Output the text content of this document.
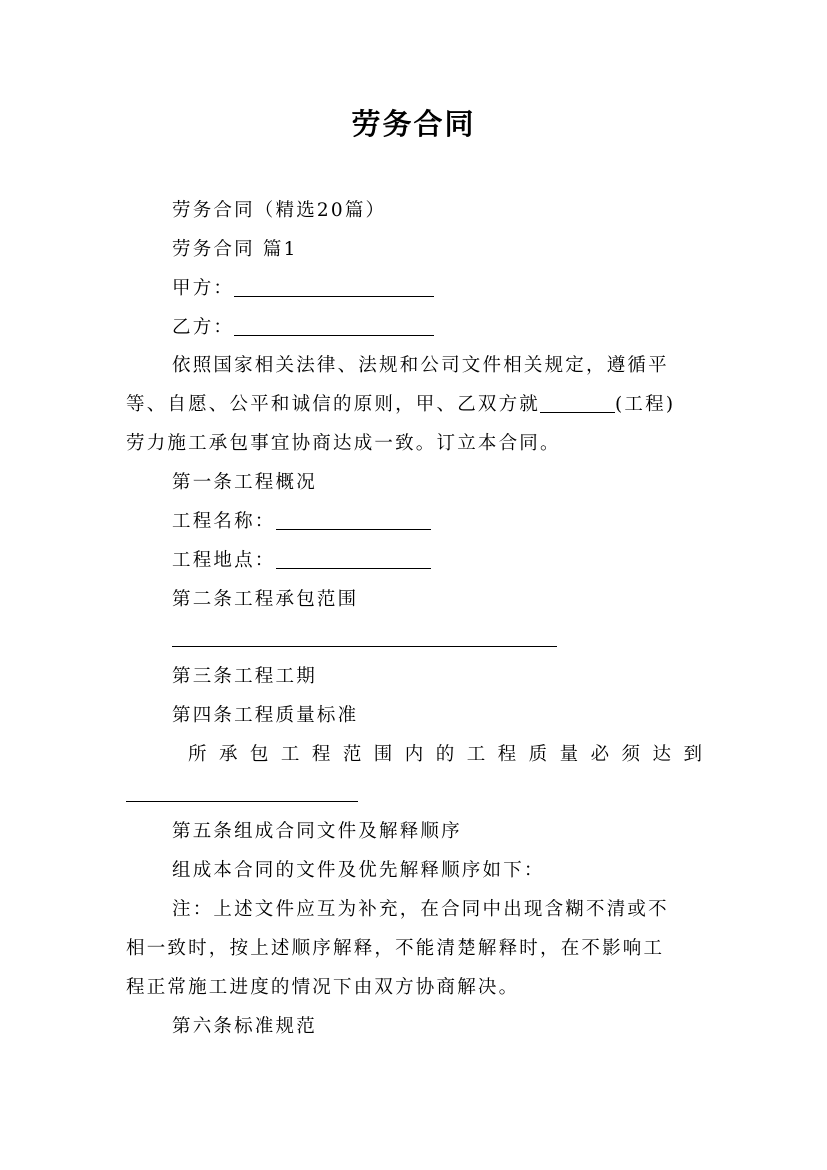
劳务合同
劳务合同（精选20篇）
劳务合同 篇1
甲方：
乙方：
依照国家相关法律、法规和公司文件相关规定，遵循平
等、自愿、公平和诚信的原则，甲、乙双方就	(工程)
劳力施工承包事宜协商达成一致。订立本合同。
第一条工程概况
工程名称：
工程地点：
第二条工程承包范围
第三条工程工期
第四条工程质量标准
所承包工程范围内的工程质量必须达到
第五条组成合同文件及解释顺序
组成本合同的文件及优先解释顺序如下：
注：上述文件应互为补充，在合同中出现含糊不清或不
相一致时，按上述顺序解释，不能清楚解释时，在不影响工
程正常施工进度的情况下由双方协商解决。
第六条标准规范
